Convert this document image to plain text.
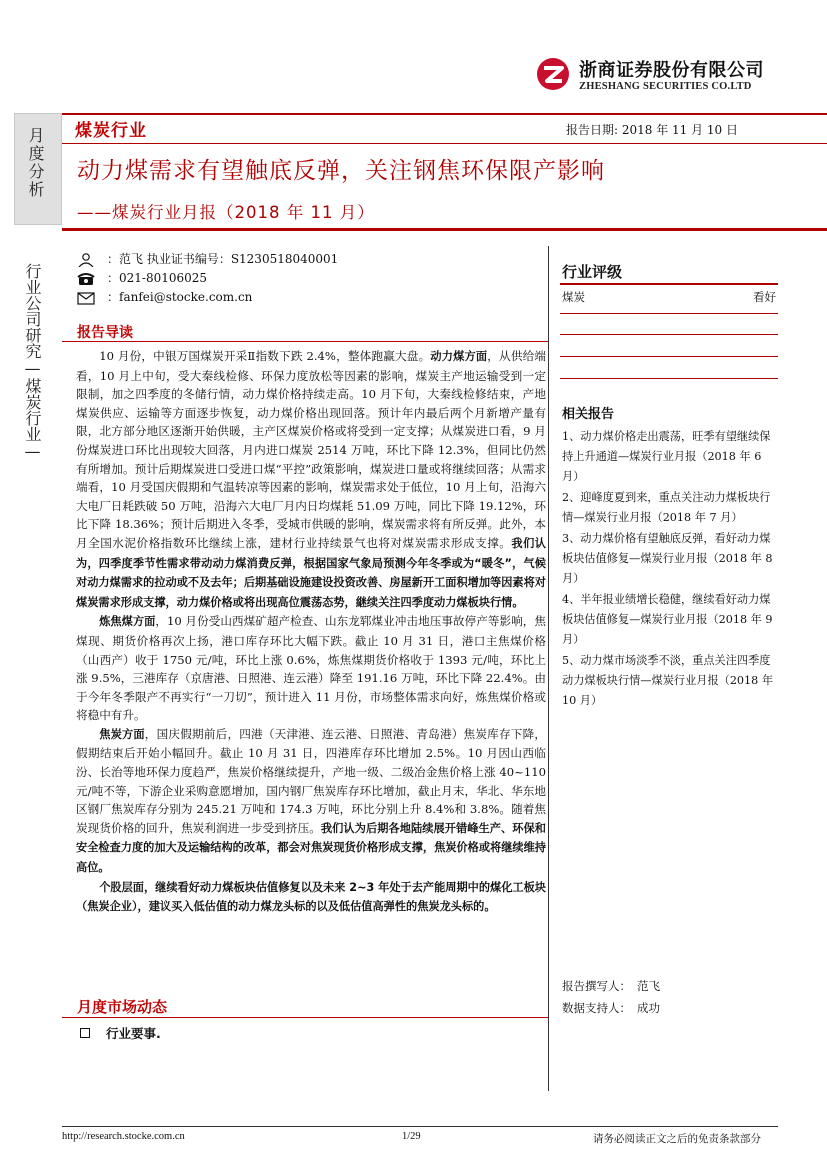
浙商证券股份有限公司
ZHESHANG SECURITIES CO.LTD
月度分析
行业公司研究—煤炭行业—
煤炭行业	报告日期: 2018 年 11 月 10 日
动力煤需求有望触底反弹，关注钢焦环保限产影响
——煤炭行业月报（2018 年 11 月）
：范飞 执业证书编号：S1230518040001
：021-80106025
：fanfei@stocke.com.cn
报告导读

10 月份，中银万国煤炭开采Ⅱ指数下跌 2.4%，整体跑赢大盘。动力煤方面，从供给端看，10 月上中旬，受大秦线检修、环保力度放松等因素的影响，煤炭主产地运输受到一定限制，加之四季度的冬储行情，动力煤价格持续走高。10 月下旬，大秦线检修结束，产地煤炭供应、运输等方面逐步恢复，动力煤价格出现回落。预计年内最后两个月新增产量有限，北方部分地区逐渐开始供暖，主产区煤炭价格或将受到一定支撑；从煤炭进口看，9 月份煤炭进口环比出现较大回落，月内进口煤炭 2514 万吨，环比下降 12.3%，但同比仍然有所增加。预计后期煤炭进口受进口煤“平控”政策影响，煤炭进口量或将继续回落；从需求端看，10 月受国庆假期和气温转凉等因素的影响，煤炭需求处于低位，10 月上旬，沿海六大电厂日耗跌破 50 万吨，沿海六大电厂月内日均煤耗 51.09 万吨，同比下降 19.12%，环比下降 18.36%；预计后期进入冬季，受城市供暖的影响，煤炭需求将有所反弹。此外，本月全国水泥价格指数环比继续上涨，建材行业持续景气也将对煤炭需求形成支撑。我们认为，四季度季节性需求带动动力煤消费反弹，根据国家气象局预测今年冬季或为“暖冬”，气候对动力煤需求的拉动或不及去年；后期基础设施建设投资改善、房屋新开工面积增加等因素将对煤炭需求形成支撑，动力煤价格或将出现高位震荡态势，継续关注四季度动力煤板块行情。

炼焦煤方面，10 月份受山西煤矿超产检查、山东龙郓煤业冲击地压事故停产等影响，焦煤现、期货价格再次上扬，港口库存环比大幅下跌。截止 10 月 31 日，港口主焦煤价格（山西产）收于 1750 元/吨，环比上涨 0.6%，炼焦煤期货价格收于 1393 元/吨，环比上涨 9.5%，三港库存（京唐港、日照港、连云港）降至 191.16 万吨，环比下降 22.4%。由于今年冬季限产不再实行“一刀切”，预计进入 11 月份，市场整体需求向好，炼焦煤价格或将稳中有升。

焦炭方面，国庆假期前后，四港（天津港、连云港、日照港、青岛港）焦炭库存下降，假期结束后开始小幅回升。截止 10 月 31 日，四港库存环比增加 2.5%。10 月因山西临汾、长治等地环保力度趋严，焦炭价格继续提升，产地一级、二级冶金焦价格上涨 40~110 元/吨不等，下游企业采购意愿增加，国内钢厂焦炭库存环比增加，截止月末，华北、华东地区钢厂焦炭库存分别为 245.21 万吨和 174.3 万吨，环比分别上升 8.4%和 3.8%。随着焦炭现货价格的回升，焦炭利润进一步受到挤压。我们认为后期各地陆续展开错峰生产、环保和安全检查力度的加大及运输结构的改革，都会对焦炭现货价格形成支撑，焦炭价格或将继续维持高位。

个股层面，继续看好动力煤板块估值修复以及未来 2~3 年处于去产能周期中的煤化工板块（焦炭企业），建议买入低估值的动力煤龙头标的以及低估值高弹性的焦炭龙头标的。

行业评级
煤炭	看好
相关报告
1、动力煤价格走出震荡，旺季有望继续保持上升通道—煤炭行业月报（2018 年 6 月）
2、迎峰度夏到来，重点关注动力煤板块行情—煤炭行业月报（2018 年 7 月）
3、动力煤价格有望触底反弹，看好动力煤板块估值修复—煤炭行业月报（2018 年 8 月）
4、半年报业绩增长稳健，继续看好动力煤板块估值修复—煤炭行业月报（2018 年 9 月）
5、动力煤市场淡季不淡，重点关注四季度动力煤板块行情—煤炭行业月报（2018 年 10 月）
报告撰写人： 范飞
数据支持人： 成功
月度市场动态
行业要事.
http://research.stocke.com.cn	1/29	请务必阅读正文之后的免责条款部分
